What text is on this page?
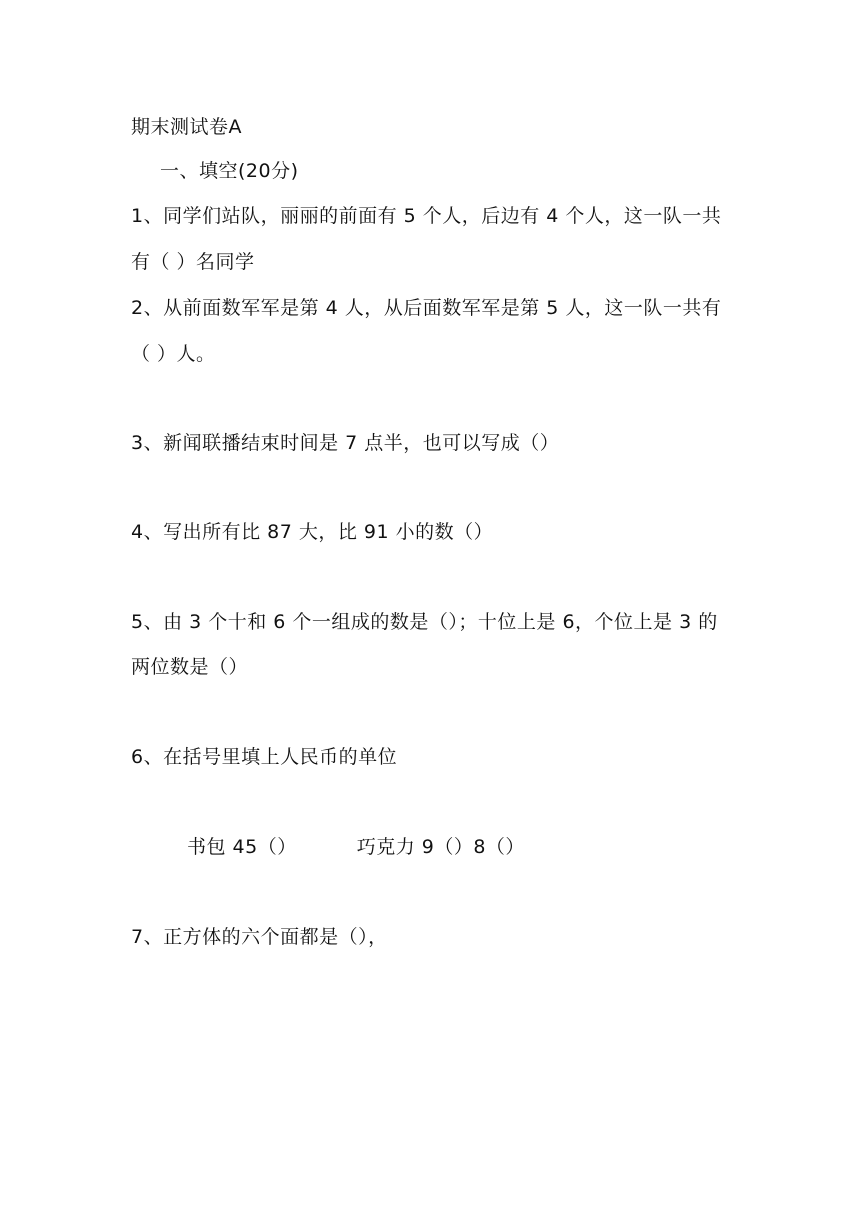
期末测试卷A
一、填空(20分)
1、同学们站队，丽丽的前面有 5 个人，后边有 4 个人，这一队一共
有（ ）名同学
2、从前面数军军是第 4 人，从后面数军军是第 5 人，这一队一共有
（ ）人。
3、新闻联播结束时间是 7 点半，也可以写成（）
4、写出所有比 87 大，比 91 小的数（）
5、由 3 个十和 6 个一组成的数是（）；十位上是 6，个位上是 3 的
两位数是（）
6、在括号里填上人民币的单位
书包 45（）	巧克力 9（）8（）
7、正方体的六个面都是（），
